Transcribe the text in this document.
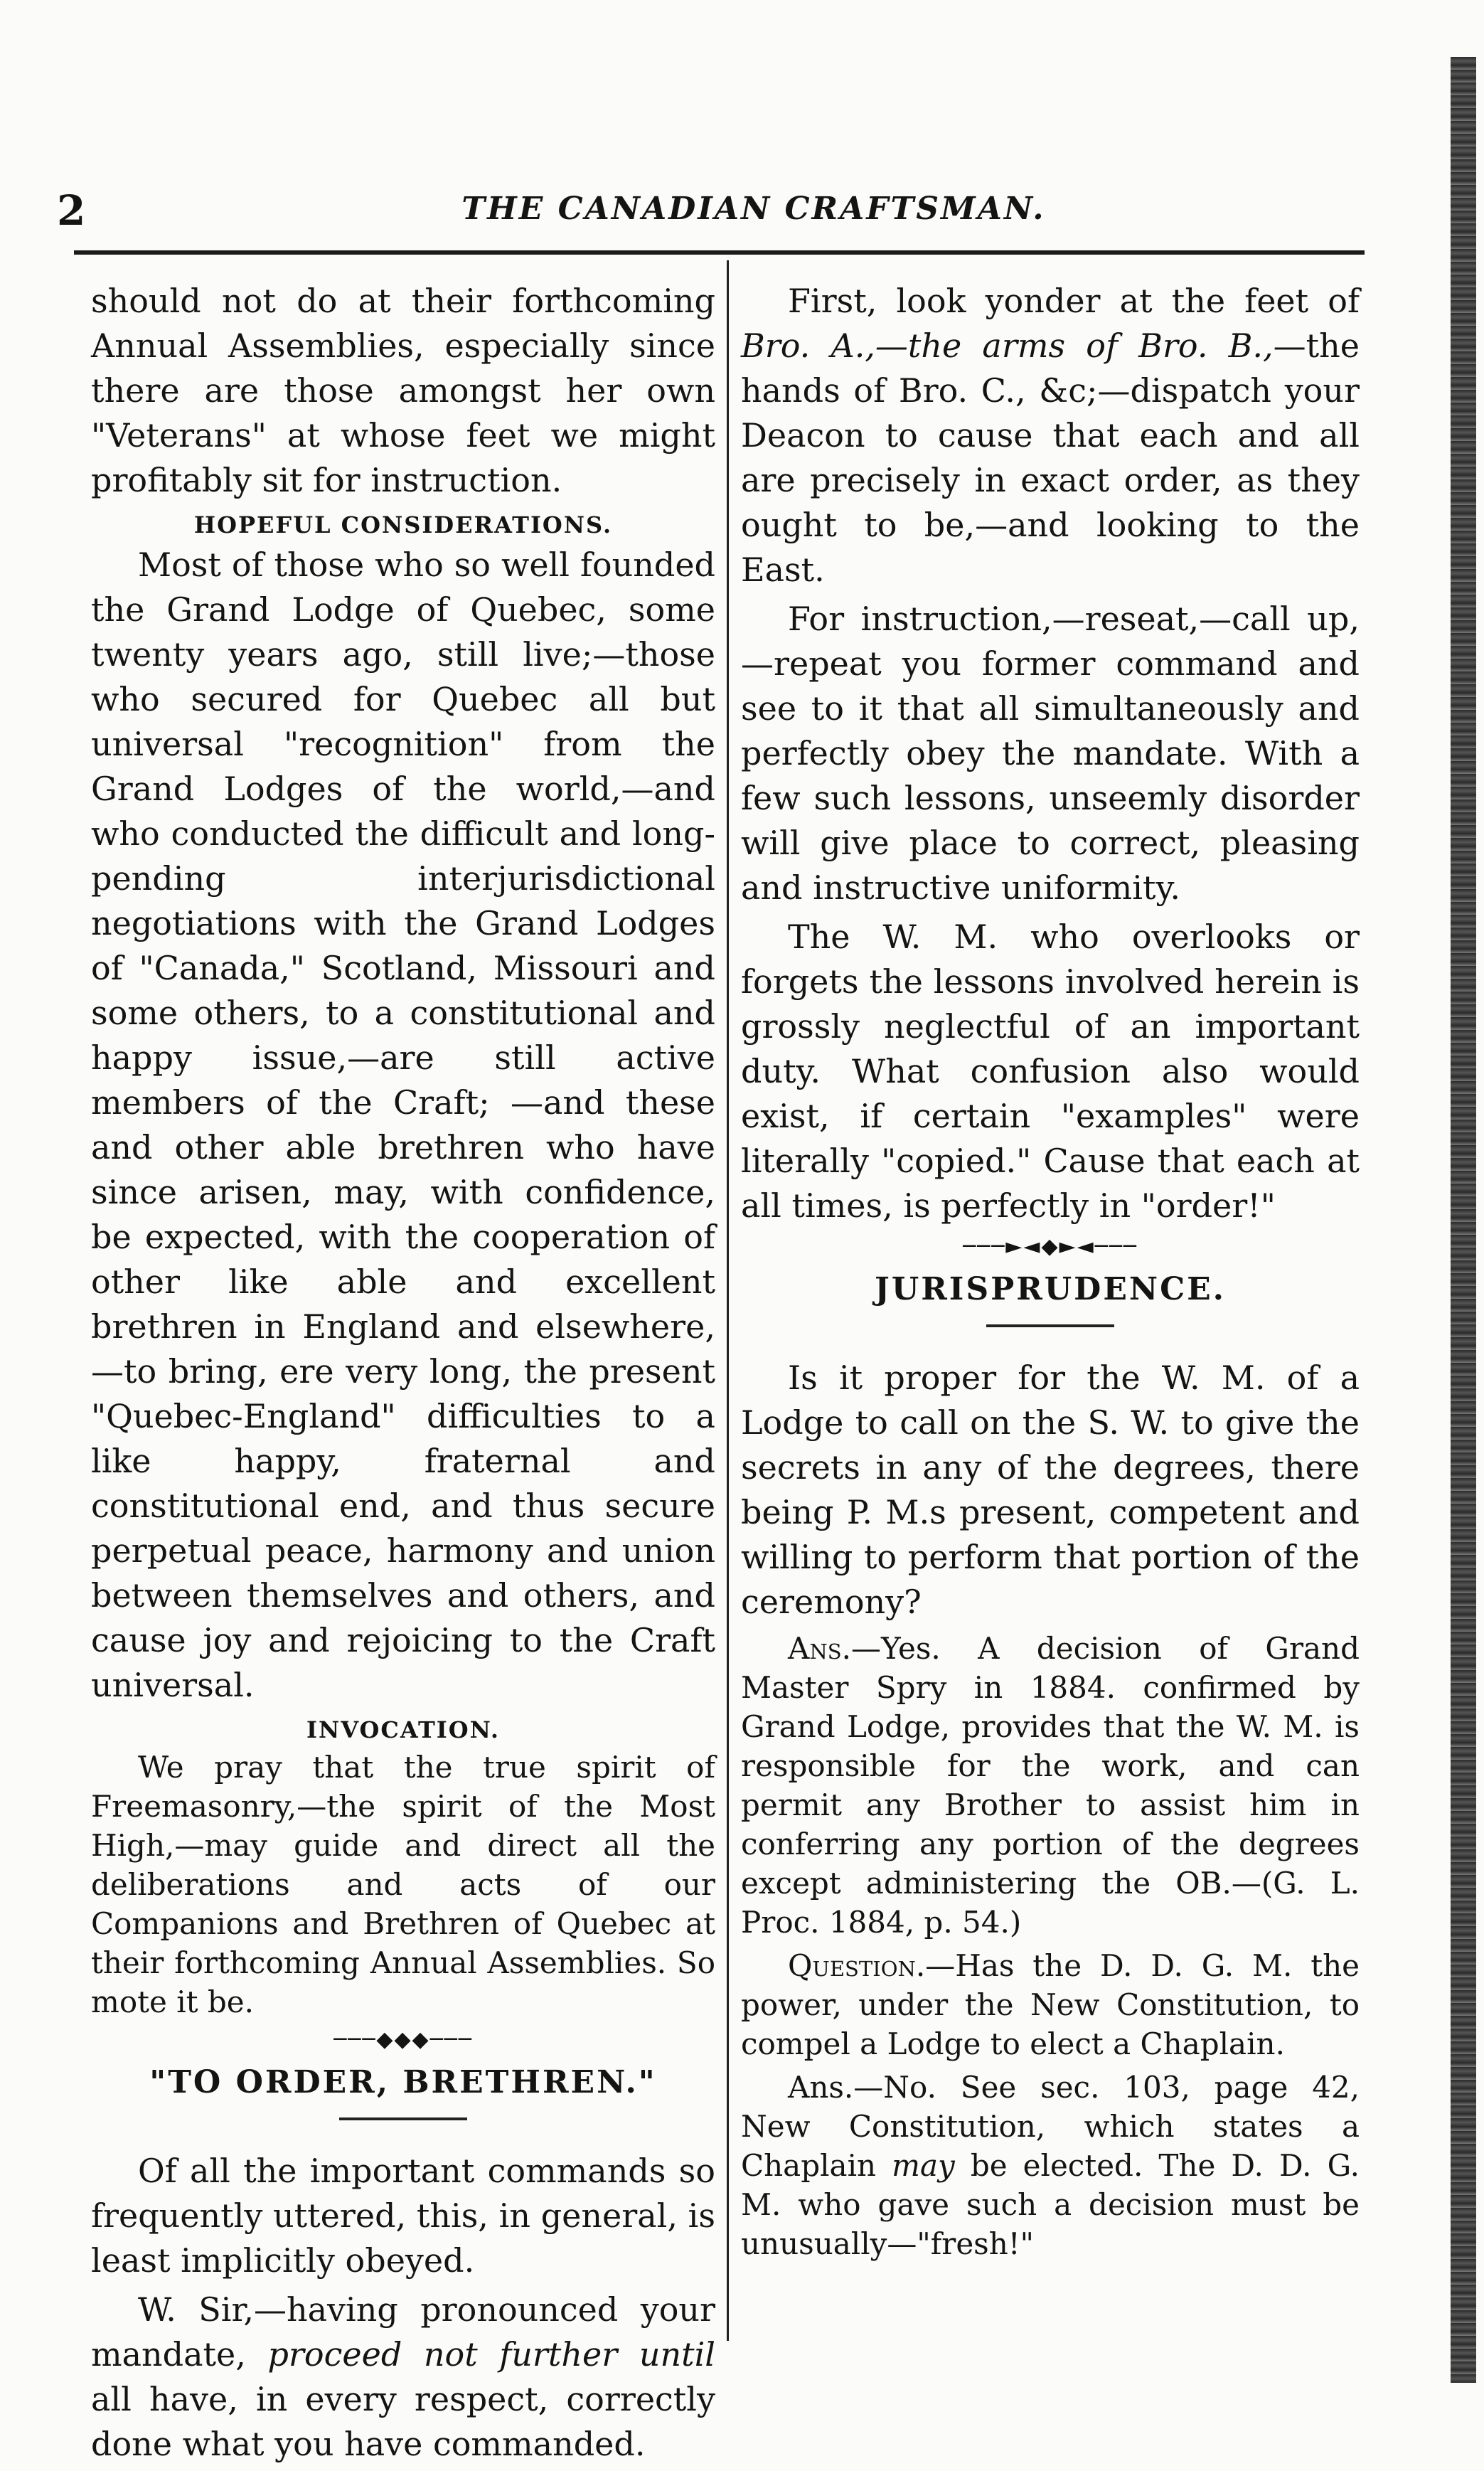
2	THE CANADIAN CRAFTSMAN.

should not do at their forthcoming Annual Assemblies, especially since there are those amongst her own "Veterans" at whose feet we might profitably sit for instruction.

HOPEFUL CONSIDERATIONS.

Most of those who so well founded the Grand Lodge of Quebec, some twenty years ago, still live;—those who secured for Quebec all but universal "recognition" from the Grand Lodges of the world,—and who conducted the difficult and long-pending interjurisdictional negotiations with the Grand Lodges of "Canada," Scotland, Missouri and some others, to a constitutional and happy issue,—are still active members of the Craft; —and these and other able brethren who have since arisen, may, with confidence, be expected, with the cooperation of other like able and excellent brethren in England and elsewhere,—to bring, ere very long, the present "Quebec-England" difficulties to a like happy, fraternal and constitutional end, and thus secure perpetual peace, harmony and union between themselves and others, and cause joy and rejoicing to the Craft universal.

INVOCATION.

We pray that the true spirit of Freemasonry,—the spirit of the Most High,—may guide and direct all the deliberations and acts of our Companions and Brethren of Quebec at their forthcoming Annual Assemblies. So mote it be.

───◆◆◆───
"TO ORDER, BRETHREN."

Of all the important commands so frequently uttered, this, in general, is least implicitly obeyed.

W. Sir,—having pronounced your mandate, proceed not further until all have, in every respect, correctly done what you have commanded.

First, look yonder at the feet of Bro. A.,—the arms of Bro. B.,—the hands of Bro. C., &c;—dispatch your Deacon to cause that each and all are precisely in exact order, as they ought to be,—and looking to the East.

For instruction,—reseat,—call up, —repeat you former command and see to it that all simultaneously and perfectly obey the mandate. With a few such lessons, unseemly disorder will give place to correct, pleasing and instructive uniformity.

The W. M. who overlooks or forgets the lessons involved herein is grossly neglectful of an important duty. What confusion also would exist, if certain "examples" were literally "copied." Cause that each at all times, is perfectly in "order!"

───►◄◆►◄───
JURISPRUDENCE.

Is it proper for the W. M. of a Lodge to call on the S. W. to give the secrets in any of the degrees, there being P. M.s present, competent and willing to perform that portion of the ceremony?

Ans.—Yes. A decision of Grand Master Spry in 1884. confirmed by Grand Lodge, provides that the W. M. is responsible for the work, and can permit any Brother to assist him in conferring any portion of the degrees except administering the OB.—(G. L. Proc. 1884, p. 54.)

Question.—Has the D. D. G. M. the power, under the New Constitution, to compel a Lodge to elect a Chaplain.

Ans.—No. See sec. 103, page 42, New Constitution, which states a Chaplain may be elected. The D. D. G. M. who gave such a decision must be unusually—"fresh!"
